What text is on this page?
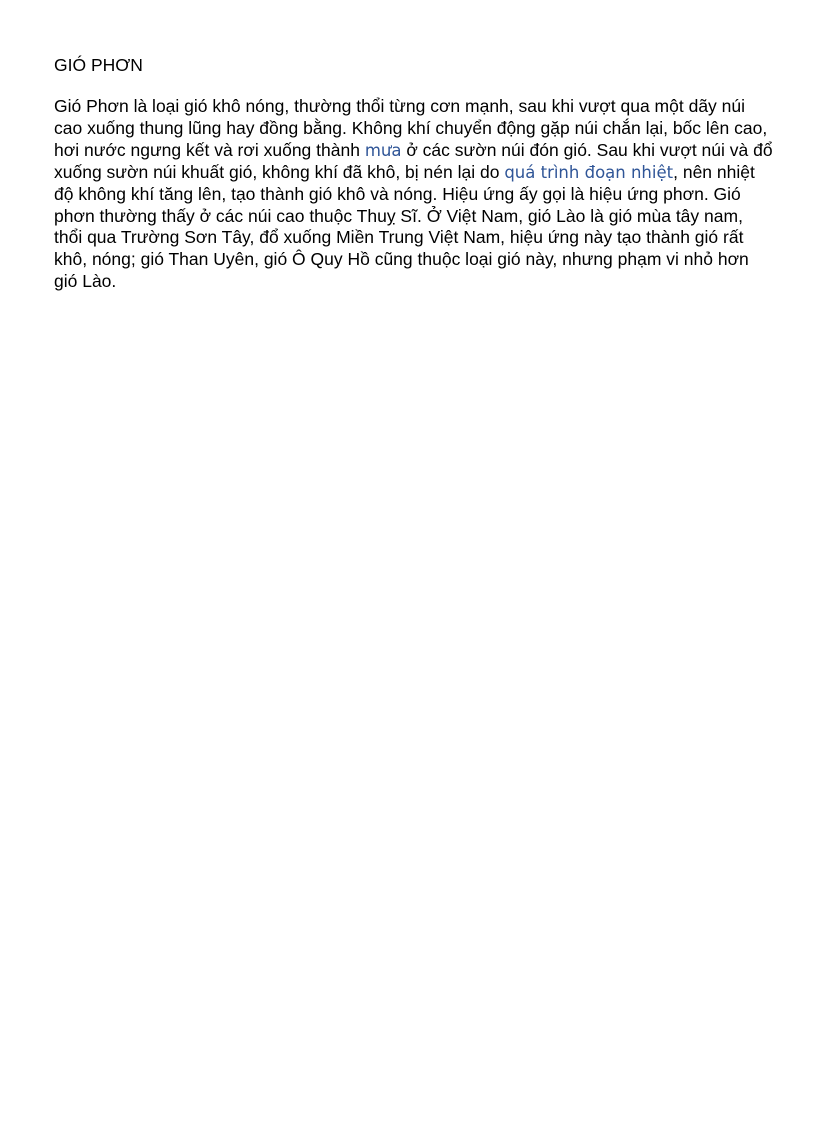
GIÓ PHƠN

Gió Phơn là loại gió khô nóng, thường thổi từng cơn mạnh, sau khi vượt qua một dãy núi cao xuống thung lũng hay đồng bằng. Không khí chuyển động gặp núi chắn lại, bốc lên cao, hơi nước ngưng kết và rơi xuống thành mưa ở các sườn núi đón gió. Sau khi vượt núi và đổ xuống sườn núi khuất gió, không khí đã khô, bị nén lại do quá trình đoạn nhiệt, nên nhiệt độ không khí tăng lên, tạo thành gió khô và nóng. Hiệu ứng ấy gọi là hiệu ứng phơn. Gió phơn thường thấy ở các núi cao thuộc Thuỵ Sĩ. Ở Việt Nam, gió Lào là gió mùa tây nam, thổi qua Trường Sơn Tây, đổ xuống Miền Trung Việt Nam, hiệu ứng này tạo thành gió rất khô, nóng; gió Than Uyên, gió Ô Quy Hồ cũng thuộc loại gió này, nhưng phạm vi nhỏ hơn gió Lào.
